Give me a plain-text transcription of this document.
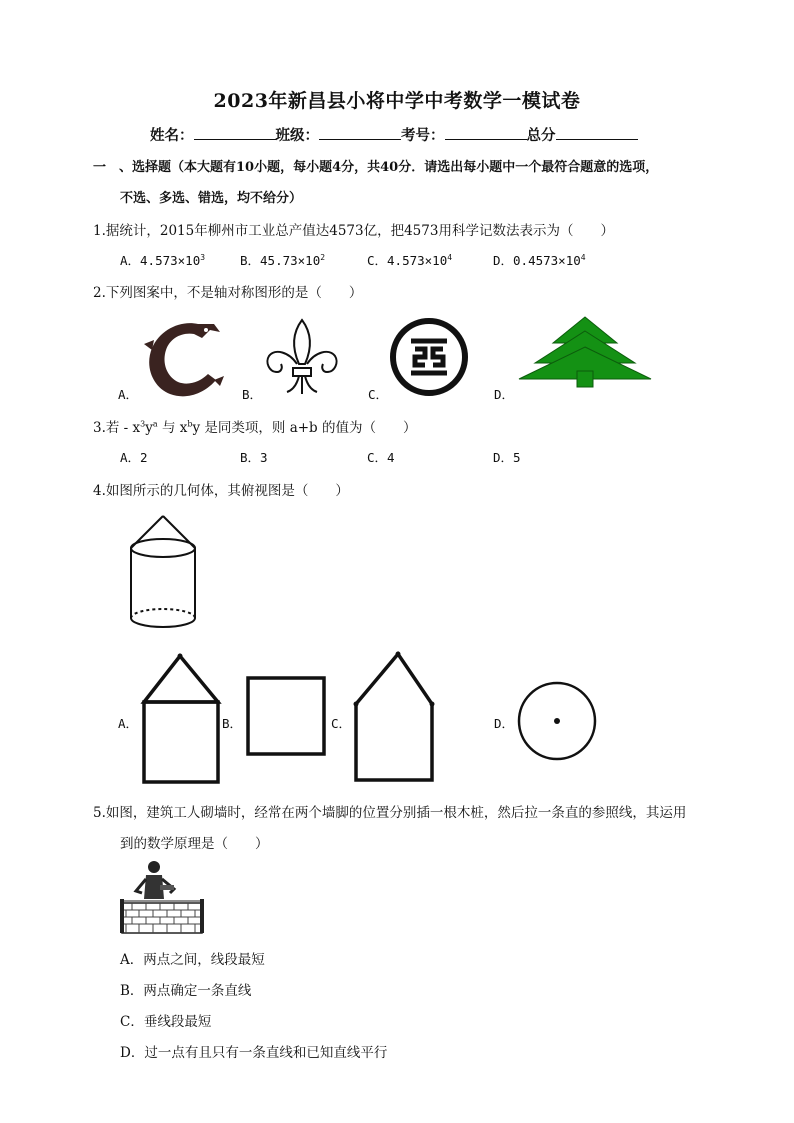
2023年新昌县小将中学中考数学一模试卷
姓名：	班级：	考号：	总分
一　、选择题（本大题有10小题，每小题4分，共40分．请选出每小题中一个最符合题意的选项，
不选、多选、错选，均不给分）
1.据统计，2015年柳州市工业总产值达4573亿，把4573用科学记数法表示为（　　）
A．$4.573\times 10^3$	B．$45.73\times 10^2$	C．$4.573\times 10^4$	D．$0.4573\times 10^4$
2.下列图案中，不是轴对称图形的是（　　）
A．	B．	C．	D．
3.若 - $x^3y^a$ 与 $x^by$ 是同类项，则 a+b 的值为（　　）
A．2	B．3	C．4	D．5
4.如图所示的几何体，其俯视图是（　　）
A．	B．	C．	D．
5.如图，建筑工人砌墙时，经常在两个墙脚的位置分别插一根木桩，然后拉一条直的参照线，其运用
到的数学原理是（　　）
A．两点之间，线段最短
B．两点确定一条直线
C．垂线段最短
D．过一点有且只有一条直线和已知直线平行
